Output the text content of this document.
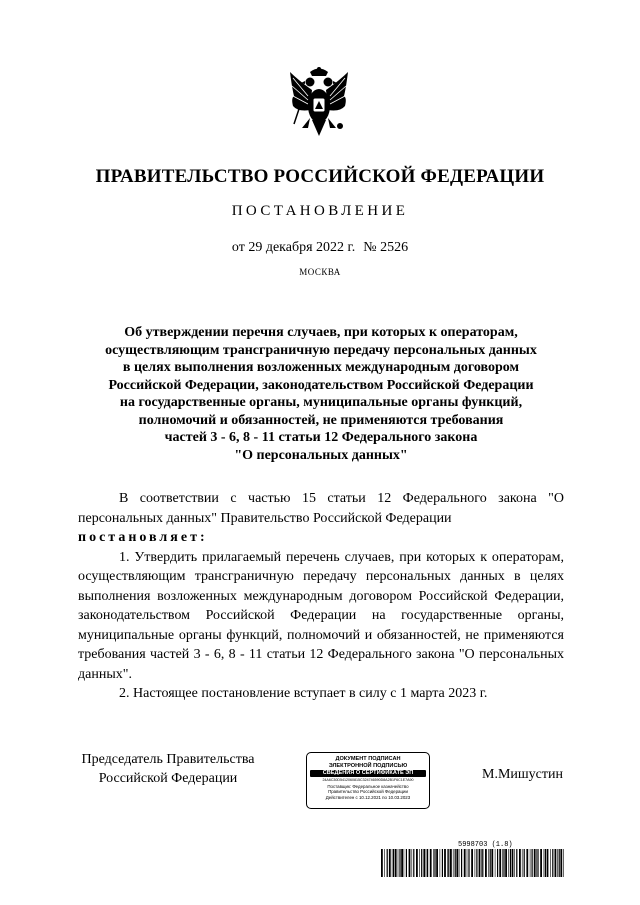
ПРАВИТЕЛЬСТВО РОССИЙСКОЙ ФЕДЕРАЦИИ
ПОСТАНОВЛЕНИЕ
от 29 декабря 2022 г. № 2526
МОСКВА
Об утверждении перечня случаев, при которых к операторам,
осуществляющим трансграничную передачу персональных данных
в целях выполнения возложенных международным договором
Российской Федерации, законодательством Российской Федерации
на государственные органы, муниципальные органы функций,
полномочий и обязанностей, не применяются требования
частей 3 - 6, 8 - 11 статьи 12 Федерального закона
"О персональных данных"

В соответствии с частью 15 статьи 12 Федерального закона "О персональных данных" Правительство Российской Федерации

постановляет:

1. Утвердить прилагаемый перечень случаев, при которых к операторам, осуществляющим трансграничную передачу персональных данных в целях выполнения возложенных международным договором Российской Федерации, законодательством Российской Федерации на государственные органы, муниципальные органы функций, полномочий и обязанностей, не применяются требования частей 3 - 6, 8 - 11 статьи 12 Федерального закона "О персональных данных".

2. Настоящее постановление вступает в силу с 1 марта 2023 г.

Председатель Правительства
Российской Федерации
ДОКУМЕНТ ПОДПИСАН
ЭЛЕКТРОННОЙ ПОДПИСЬЮ
СВЕДЕНИЯ О СЕРТИФИКАТЕ ЭП
24A6C30D5412060815C324746590D8A2B1F6C1E7A90
Поставщик: Федеральное казначейство
Правительство Российской Федерации
Действителен с 10.12.2021 по 10.03.2023
М.Мишустин
5998703 (1.8)
